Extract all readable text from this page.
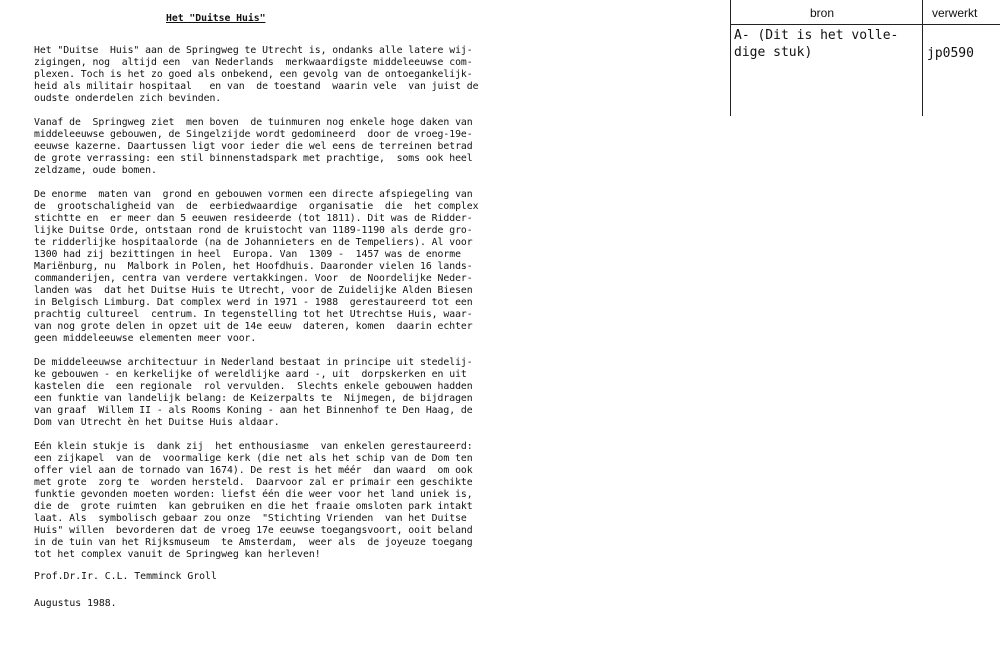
Het "Duitse Huis"
Het "Duitse  Huis" aan de Springweg te Utrecht is, ondanks alle latere wij-
zigingen, nog  altijd een  van Nederlands  merkwaardigste middeleeuwse com-
plexen. Toch is het zo goed als onbekend, een gevolg van de ontoegankelijk-
heid als militair hospitaal   en van  de toestand  waarin vele  van juist de
oudste onderdelen zich bevinden.
Vanaf de  Springweg ziet  men boven  de tuinmuren nog enkele hoge daken van
middeleeuwse gebouwen, de Singelzijde wordt gedomineerd  door de vroeg-19e-
eeuwse kazerne. Daartussen ligt voor ieder die wel eens de terreinen betrad
de grote verrassing: een stil binnenstadspark met prachtige,  soms ook heel
zeldzame, oude bomen.
De enorme  maten van  grond en gebouwen vormen een directe afspiegeling van
de  grootschaligheid van  de  eerbiedwaardige  organisatie  die  het complex
stichtte en  er meer dan 5 eeuwen resideerde (tot 1811). Dit was de Ridder-
lijke Duitse Orde, ontstaan rond de kruistocht van 1189-1190 als derde gro-
te ridderlijke hospitaalorde (na de Johannieters en de Tempeliers). Al voor
1300 had zij bezittingen in heel  Europa. Van  1309 -  1457 was de enorme
Mariënburg, nu  Malbork in Polen, het Hoofdhuis. Daaronder vielen 16 lands-
commanderijen, centra van verdere vertakkingen. Voor  de Noordelijke Neder-
landen was  dat het Duitse Huis te Utrecht, voor de Zuidelijke Alden Biesen
in Belgisch Limburg. Dat complex werd in 1971 - 1988  gerestaureerd tot een
prachtig cultureel  centrum. In tegenstelling tot het Utrechtse Huis, waar-
van nog grote delen in opzet uit de 14e eeuw  dateren, komen  daarin echter
geen middeleeuwse elementen meer voor.
De middeleeuwse architectuur in Nederland bestaat in principe uit stedelij-
ke gebouwen - en kerkelijke of wereldlijke aard -, uit  dorpskerken en uit
kastelen die  een regionale  rol vervulden.  Slechts enkele gebouwen hadden
een funktie van landelijk belang: de Keizerpalts te  Nijmegen, de bijdragen
van graaf  Willem II - als Rooms Koning - aan het Binnenhof te Den Haag, de
Dom van Utrecht èn het Duitse Huis aldaar.
Eén klein stukje is  dank zij  het enthousiasme  van enkelen gerestaureerd:
een zijkapel  van de  voormalige kerk (die net als het schip van de Dom ten
offer viel aan de tornado van 1674). De rest is het méér  dan waard  om ook
met grote  zorg te  worden hersteld.  Daarvoor zal er primair een geschikte
funktie gevonden moeten worden: liefst één die weer voor het land uniek is,
die de  grote ruimten  kan gebruiken en die het fraaie omsloten park intakt
laat. Als  symbolisch gebaar zou onze  "Stichting Vrienden  van het Duitse
Huis" willen  bevorderen dat de vroeg 17e eeuwse toegangsvoort, ooit beland
in de tuin van het Rijksmuseum  te Amsterdam,  weer als  de joyeuze toegang
tot het complex vanuit de Springweg kan herleven!
Prof.Dr.Ir. C.L. Temminck Groll
Augustus 1988.
bron	verwerkt
A- (Dit is het volle-
dige stuk)	jp0590
